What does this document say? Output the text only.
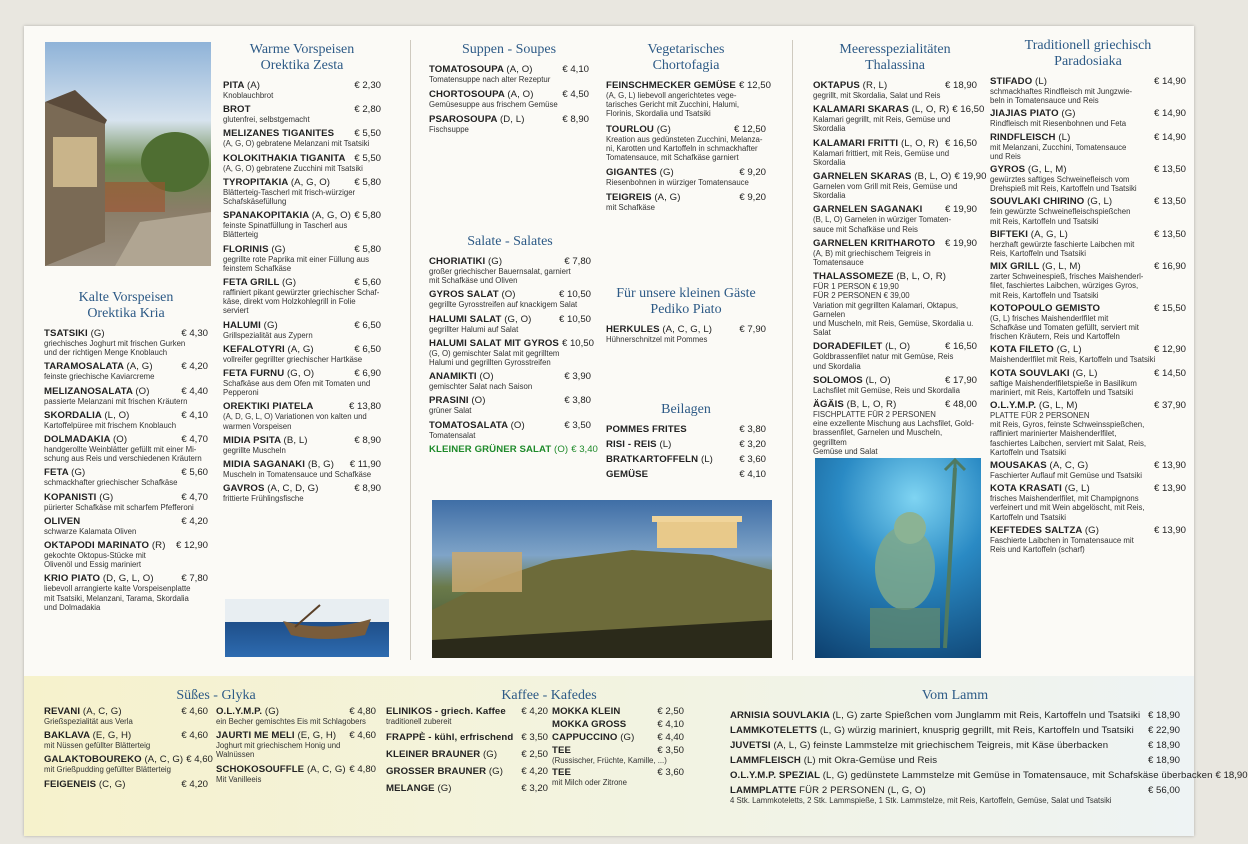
Kalte Vorspeisen
Orektika Kria
TSATSIKI (G)	€ 4,30
griechisches Joghurt mit frischen Gurken
und der richtigen Menge Knoblauch
TARAMOSALATA (A, G)	€ 4,20
feinste griechische Kaviarcreme
MELIZANOSALATA (O)	€ 4,40
passierte Melanzani mit frischen Kräutern
SKORDALIA (L, O)	€ 4,10
Kartoffelpüree mit frischem Knoblauch
DOLMADAKIA (O)	€ 4,70
handgerollte Weinblätter gefüllt mit einer Mi-
schung aus Reis und verschiedenen Kräutern
FETA (G)	€ 5,60
schmackhafter griechischer Schafkäse
KOPANISTI (G)	€ 4,70
pürierter Schafkäse mit scharfem Pfefferoni
OLIVEN	€ 4,20
schwarze Kalamata Oliven
OKTAPODI MARINATO (R)	€ 12,90
gekochte Oktopus-Stücke mit
Olivenöl und Essig mariniert
KRIO PIATO (D, G, L, O)	€ 7,80
liebevoll arrangierte kalte Vorspeisenplatte
mit Tsatsiki, Melanzani, Tarama, Skordalia
und Dolmadakia
Warme Vorspeisen
Orektika Zesta
PITA (A)	€ 2,30
Knoblauchbrot
BROT	€ 2,80
glutenfrei, selbstgemacht
MELIZANES TIGANITES	€ 5,50
(A, G, O) gebratene Melanzani mit Tsatsiki
KOLOKITHAKIA TIGANITA € 5,50
(A, G, O) gebratene Zucchini mit Tsatsiki
TYROPITAKIA (A, G, O)	€ 5,80
Blätterteig-Tascherl mit frisch-würziger
Schafskäsefüllung
SPANAKOPITAKIA (A, G, O) € 5,80
feinste Spinatfüllung in Tascherl aus
Blätterteig
FLORINIS (G)	€ 5,80
gegrillte rote Paprika mit einer Füllung aus
feinstem Schafkäse
FETA GRILL (G)	€ 5,60
raffiniert pikant gewürzter griechischer Schaf-
käse, direkt vom Holzkohlegrill in Folie serviert
HALUMI (G)	€ 6,50
Grillspezialität aus Zypern
KEFALOTYRI (A, G)	€ 6,50
vollreifer gegrillter griechischer Hartkäse
FETA FURNU (G, O)	€ 6,90
Schafkäse aus dem Ofen mit Tomaten und
Pepperoni
OREKTIKI PIATELA	€ 13,80
(A, D, G, L, O) Variationen von kalten und
warmen Vorspeisen
MIDIA PSITA (B, L)	€ 8,90
gegrillte Muscheln
MIDIA SAGANAKI (B, G)	€ 11,90
Muscheln in Tomatensauce und Schafkäse
GAVROS (A, C, D, G)	€ 8,90
frittierte Frühlingsfische
Suppen - Soupes
TOMATOSOUPA (A, O)	€ 4,10
Tomatensuppe nach alter Rezeptur
CHORTOSOUPA (A, O)	€ 4,50
Gemüsesuppe aus frischem Gemüse
PSAROSOUPA (D, L)	€ 8,90
Fischsuppe
Salate - Salates
CHORIATIKI (G)	€ 7,80
großer griechischer Bauernsalat, garniert
mit Schafkäse und Oliven
GYROS SALAT (O)	€ 10,50
gegrillte Gyrosstreifen auf knackigem Salat
HALUMI SALAT (G, O)	€ 10,50
gegrillter Halumi auf Salat
HALUMI SALAT MIT GYROS € 10,50
(G, O) gemischter Salat mit gegrilltem
Halumi und gegrillten Gyrosstreifen
ANAMIKTI (O)	€ 3,90
gemischter Salat nach Saison
PRASINI (O)	€ 3,80
grüner Salat
TOMATOSALATA (O)	€ 3,50
Tomatensalat
KLEINER GRÜNER SALAT (O) € 3,40
Vegetarisches
Chortofagia
FEINSCHMECKER GEMÜSE € 12,50
(A, G, L) liebevoll angerichtetes vege-
tarisches Gericht mit Zucchini, Halumi,
Florinis, Skordalia und Tsatsiki
TOURLOU (G)	€ 12,50
Kreation aus gedünsteten Zucchini, Melanza-
ni, Karotten und Kartoffeln in schmackhafter
Tomatensauce, mit Schafkäse garniert
GIGANTES (G)	€ 9,20
Riesenbohnen in würziger Tomatensauce
TEIGREIS (A, G)	€ 9,20
mit Schafkäse
Für unsere kleinen Gäste
Pediko Piato
HERKULES (A, C, G, L)	€ 7,90
Hühnerschnitzel mit Pommes
Beilagen
POMMES FRITES	€ 3,80
RISI - REIS (L)	€ 3,20
BRATKARTOFFELN (L)	€ 3,60
GEMÜSE	€ 4,10
Meeresspezialitäten
Thalassina
OKTAPUS (R, L)	€ 18,90
gegrillt, mit Skordalia, Salat und Reis
KALAMARI SKARAS (L, O, R) € 16,50
Kalamari gegrillt, mit Reis, Gemüse und Skordalia
KALAMARI FRITTI (L, O, R) € 16,50
Kalamari frittiert, mit Reis, Gemüse und Skordalia
GARNELEN SKARAS (B, L, O) € 19,90
Garnelen vom Grill mit Reis, Gemüse und Skordalia
GARNELEN SAGANAKI	€ 19,90
(B, L, O) Garnelen in würziger Tomaten-
sauce mit Schafkäse und Reis
GARNELEN KRITHAROTO	€ 19,90
(A, B) mit griechischem Teigreis in Tomatensauce
THALASSOMEZE (B, L, O, R)
FÜR 1 PERSON € 19,90
FÜR 2 PERSONEN € 39,00
Variation mit gegrillten Kalamari, Oktapus, Garnelen
und Muscheln, mit Reis, Gemüse, Skordalia u. Salat
DORADEFILET (L, O)	€ 16,50
Goldbrassenfilet natur mit Gemüse, Reis
und Skordalia
SOLOMOS (L, O)	€ 17,90
Lachsfilet mit Gemüse, Reis und Skordalia
ÄGÄIS (B, L, O, R)	€ 48,00
FISCHPLATTE FÜR 2 PERSONEN
eine exzellente Mischung aus Lachsfilet, Gold-
brassenfilet, Garnelen und Muscheln, gegrilltem
Gemüse und Salat
Traditionell griechisch
Paradosiaka
STIFADO (L)	€ 14,90
schmackhaftes Rindfleisch mit Jungzwie-
beln in Tomatensauce und Reis
JIAJIAS PIATO (G)	€ 14,90
Rindfleisch mit Riesenbohnen und Feta
RINDFLEISCH (L)	€ 14,90
mit Melanzani, Zucchini, Tomatensauce
und Reis
GYROS (G, L, M)	€ 13,50
gewürztes saftiges Schweinefleisch vom
Drehspieß mit Reis, Kartoffeln und Tsatsiki
SOUVLAKI CHIRINO (G, L)	€ 13,50
fein gewürzte Schweinefleischspießchen
mit Reis, Kartoffeln und Tsatsiki
BIFTEKI (A, G, L)	€ 13,50
herzhaft gewürzte faschierte Laibchen mit
Reis, Kartoffeln und Tsatsiki
MIX GRILL (G, L, M)	€ 16,90
zarter Schweinespieß, frisches Maishenderl-
filet, faschiertes Laibchen, würziges Gyros,
mit Reis, Kartoffeln und Tsatsiki
KOTOPOULO GEMISTO	€ 15,50
(G, L) frisches Maishenderlfilet mit
Schafkäse und Tomaten gefüllt, serviert mit
frischen Kräutern, Reis und Kartoffeln
KOTA FILETO (G, L)	€ 12,90
Maishenderlfilet mit Reis, Kartoffeln und Tsatsiki
KOTA SOUVLAKI (G, L)	€ 14,50
saftige Maishenderlfiletspieße in Basilikum
mariniert, mit Reis, Kartoffeln und Tsatsiki
O.L.Y.M.P. (G, L, M)	€ 37,90
PLATTE FÜR 2 PERSONEN
mit Reis, Gyros, feinste Schweinsspießchen,
raffiniert marinierter Maishenderlfilet,
faschiertes Laibchen, serviert mit Salat, Reis,
Kartoffeln und Tsatsiki
MOUSAKAS (A, C, G)	€ 13,90
Faschierter Auflauf mit Gemüse und Tsatsiki
KOTA KRASATI (G, L)	€ 13,90
frisches Maishenderlfilet, mit Champignons
verfeinert und mit Wein abgelöscht, mit Reis,
Kartoffeln und Tsatsiki
KEFTEDES SALTZA (G)	€ 13,90
Faschierte Laibchen in Tomatensauce mit
Reis und Kartoffeln (scharf)
Süßes - Glyka
REVANI (A, C, G)	€ 4,60
Grießspezialität aus Verla
BAKLAVA (E, G, H)	€ 4,60
mit Nüssen gefüllter Blätterteig
GALAKTOBOUREKO (A, C, G) € 4,60
mit Grießpudding gefüllter Blätterteig
FEIGENEIS (C, G)	€ 4,20
O.L.Y.M.P. (G)	€ 4,80
ein Becher gemischtes Eis mit Schlagobers
JAURTI ME MELI (E, G, H)	€ 4,60
Joghurt mit griechischem Honig und
Walnüssen
SCHOKOSOUFFLE (A, C, G) € 4,80
Mit Vanilleeis
Kaffee - Kafedes
ELINIKOS - griech. Kaffee	€ 4,20
traditionell zubereit
FRAPPÈ - kühl, erfrischend € 3,50
KLEINER BRAUNER (G)	€ 2,50
GROSSER BRAUNER (G)	€ 4,20
MELANGE (G)	€ 3,20
MOKKA KLEIN	€ 2,50
MOKKA GROSS	€ 4,10
CAPPUCCINO (G)	€ 4,40
TEE	€ 3,50
(Russischer, Früchte, Kamille, ...)
TEE	€ 3,60
mit Milch oder Zitrone
Vom Lamm
ARNISIA SOUVLAKIA (L, G) zarte Spießchen vom Junglamm mit Reis, Kartoffeln und Tsatsiki € 18,90
LAMMKOTELETTS (L, G) würzig mariniert, knusprig gegrillt, mit Reis, Kartoffeln und Tsatsiki	€ 22,90
JUVETSI (A, L, G) feinste Lammstelze mit griechischem Teigreis, mit Käse überbacken	€ 18,90
LAMMFLEISCH (L) mit Okra-Gemüse und Reis	€ 18,90
O.L.Y.M.P. SPEZIAL (L, G) gedünstete Lammstelze mit Gemüse in Tomatensauce, mit Schafskäse überbacken € 18,90
LAMMPLATTE FÜR 2 PERSONEN (L, G, O)	€ 56,00
4 Stk. Lammkoteletts, 2 Stk. Lammspieße, 1 Stk. Lammstelze, mit Reis, Kartoffeln, Gemüse, Salat und Tsatsiki
